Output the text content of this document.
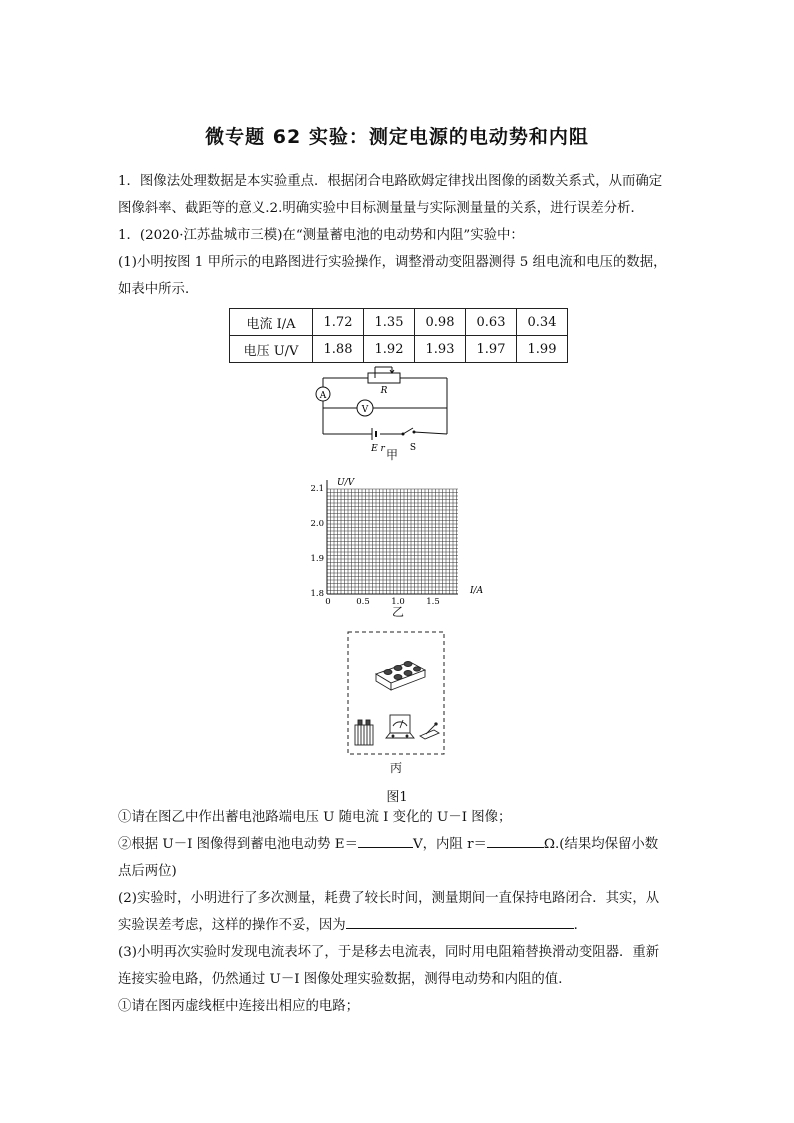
微专题 62 实验：测定电源的电动势和内阻

1．图像法处理数据是本实验重点．根据闭合电路欧姆定律找出图像的函数关系式，从而确定

图像斜率、截距等的意义.2.明确实验中目标测量量与实际测量量的关系，进行误差分析．

1．(2020·江苏盐城市三模)在“测量蓄电池的电动势和内阻”实验中：

(1)小明按图 1 甲所示的电路图进行实验操作，调整滑动变阻器测得 5 组电流和电压的数据，

如表中所示．

电流 I/A	1.72	1.35	0.98	0.63	0.34
电压 U/V	1.88	1.92	1.93	1.97	1.99
A
V
R
E r	S
甲
U/V
I/A
2.1
2.0
1.9
1.8
0	0.5	1.0	1.5
乙
丙
图1

①请在图乙中作出蓄电池路端电压 U 随电流 I 变化的 U－I 图像；

②根据 U－I 图像得到蓄电池电动势 E＝	V，内阻 r＝	Ω.(结果均保留小数

点后两位)

(2)实验时，小明进行了多次测量，耗费了较长时间，测量期间一直保持电路闭合．其实，从

实验误差考虑，这样的操作不妥，因为	．

(3)小明再次实验时发现电流表坏了，于是移去电流表，同时用电阻箱替换滑动变阻器．重新

连接实验电路，仍然通过 U－I 图像处理实验数据，测得电动势和内阻的值．

①请在图丙虚线框中连接出相应的电路；
